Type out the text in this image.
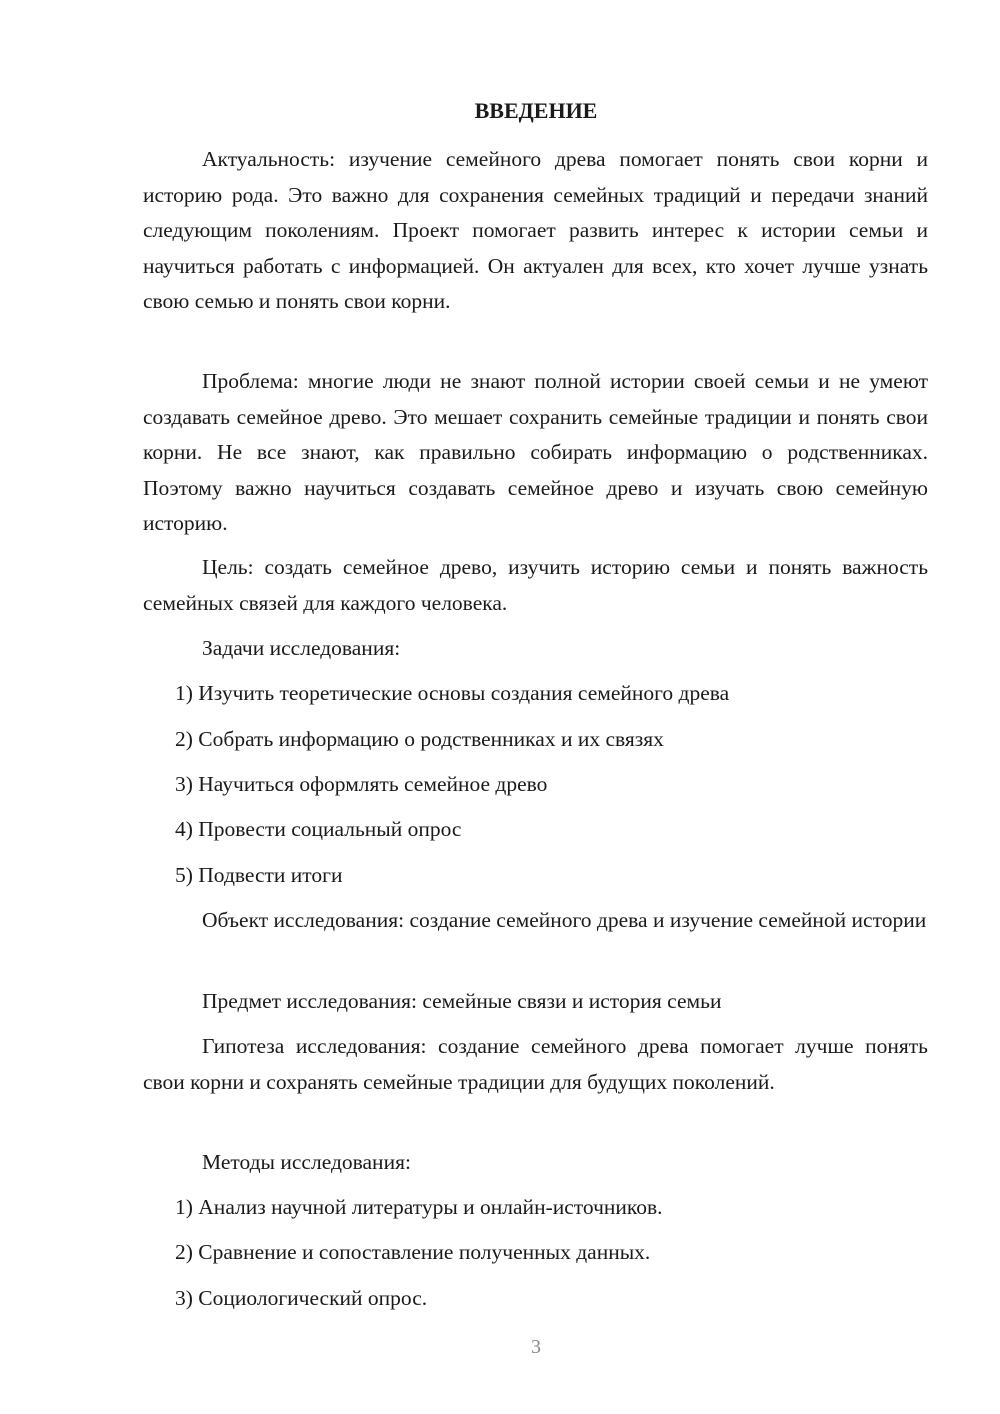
ВВЕДЕНИЕ

Актуальность: изучение семейного древа помогает понять свои корни и историю рода. Это важно для сохранения семейных традиций и передачи знаний следующим поколениям. Проект помогает развить интерес к истории семьи и научиться работать с информацией. Он актуален для всех, кто хочет лучше узнать свою семью и понять свои корни.

Проблема: многие люди не знают полной истории своей семьи и не умеют создавать семейное древо. Это мешает сохранить семейные традиции и понять свои корни. Не все знают, как правильно собирать информацию о родственниках. Поэтому важно научиться создавать семейное древо и изучать свою семейную историю.

Цель: создать семейное древо, изучить историю семьи и понять важность семейных связей для каждого человека.

Задачи исследования:

1) Изучить теоретические основы создания семейного древа

2) Собрать информацию о родственниках и их связях

3) Научиться оформлять семейное древо

4) Провести социальный опрос

5) Подвести итоги

Объект исследования: создание семейного древа и изучение семейной истории

Предмет исследования: семейные связи и история семьи

Гипотеза исследования: создание семейного древа помогает лучше понять свои корни и сохранять семейные традиции для будущих поколений.

Методы исследования:

1) Анализ научной литературы и онлайн-источников.

2) Сравнение и сопоставление полученных данных.

3) Социологический опрос.

3
